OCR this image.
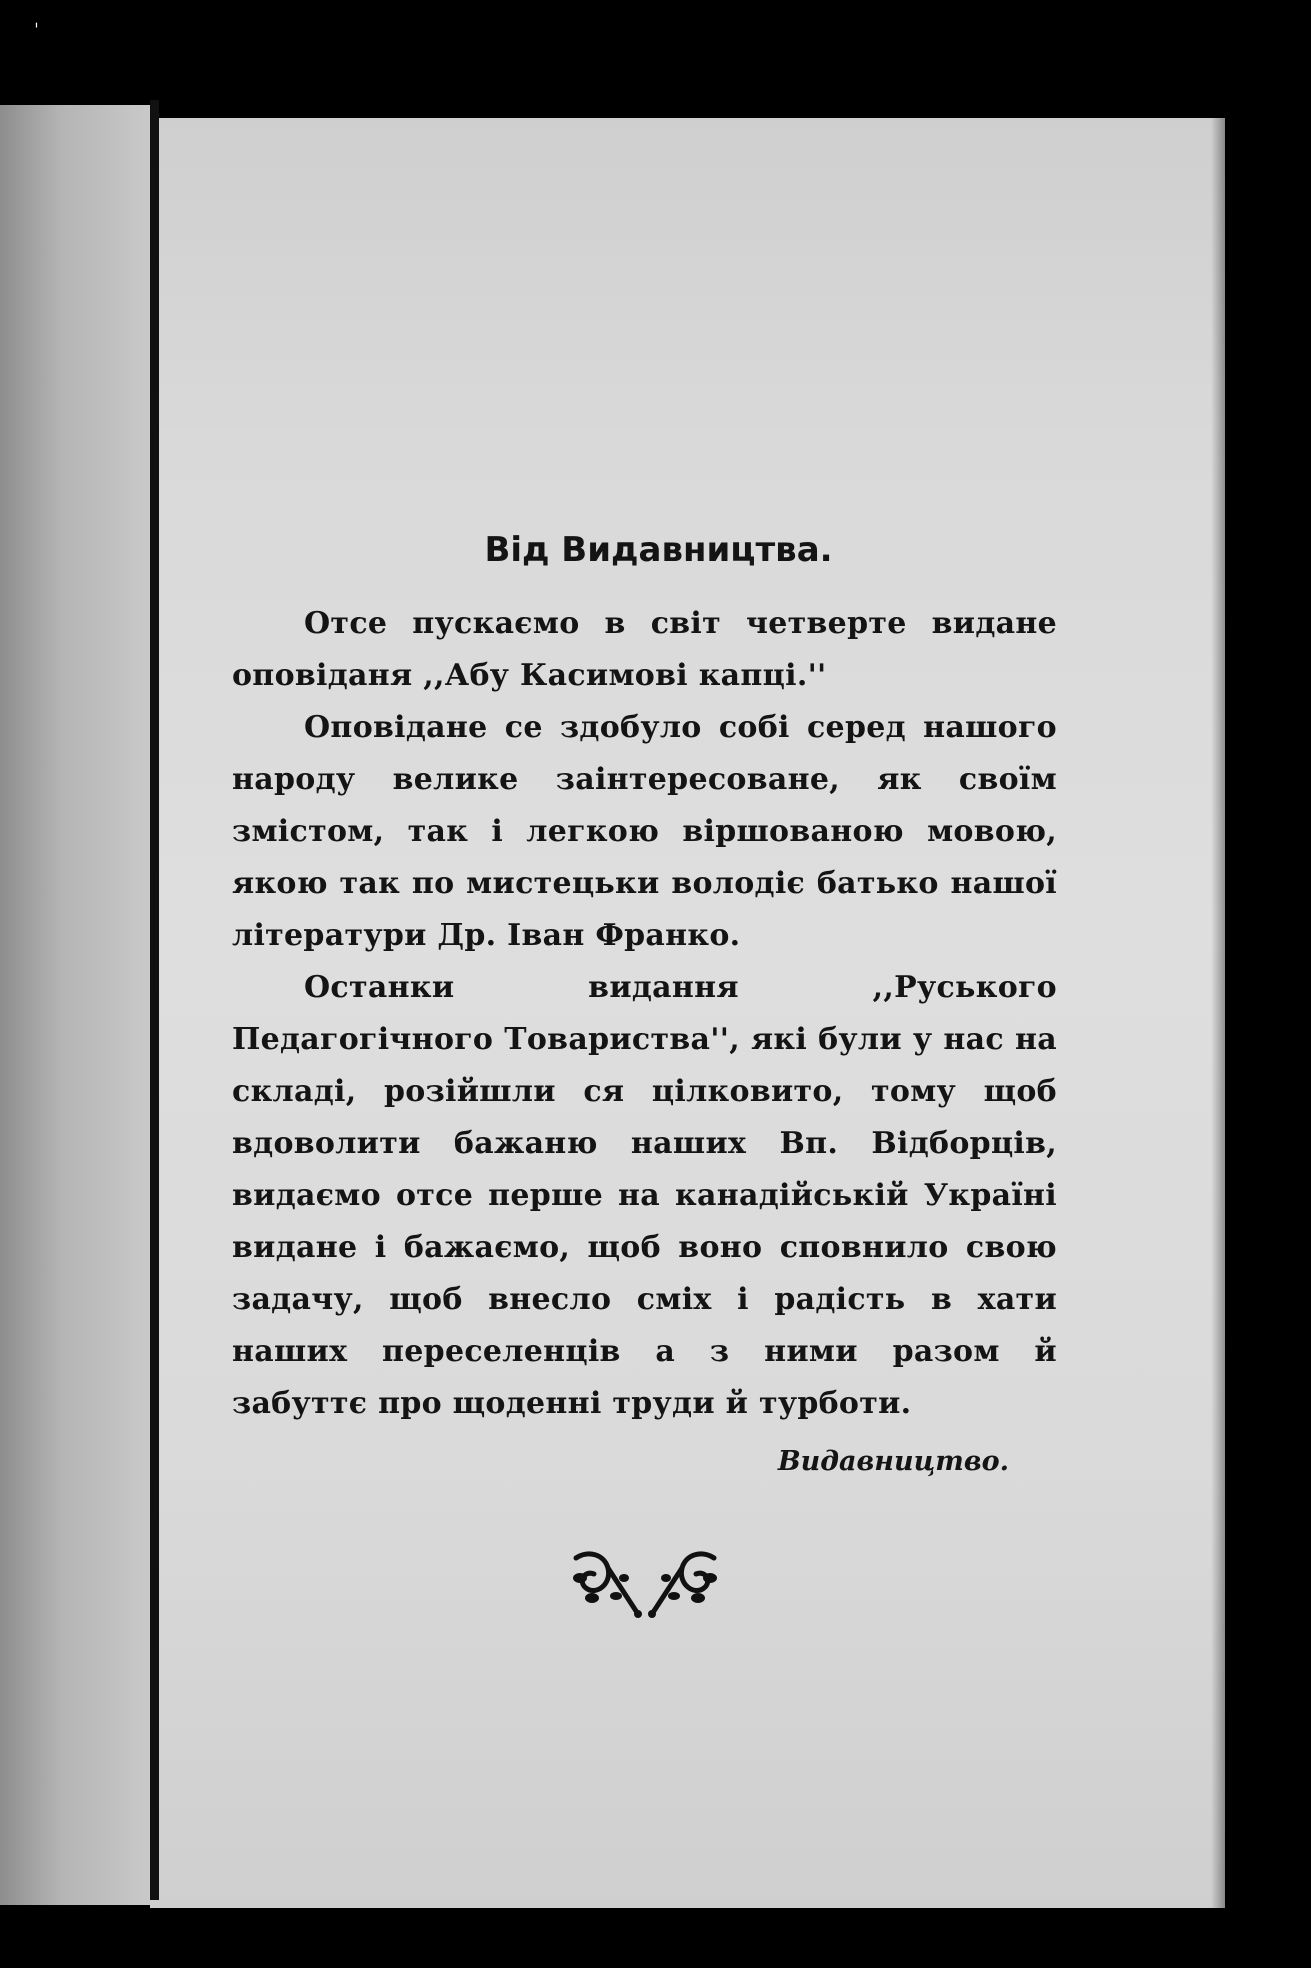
ˈ
Від Видавництва.

Отсе пускаємо в світ четверте видане оповіданя ,,Абу Касимові капці.''

Оповідане се здобуло собі серед нашого народу велике заінтересоване, як своїм змістом, так і легкою віршованою мовою, якою так по мистецьки володіє батько нашої літератури Др. Іван Франко.

Останки видання ,,Руського Педагогічного Товариства'', які були у нас на складі, розійшли ся цілковито, тому щоб вдоволити бажаню наших Вп. Відборців, видаємо отсе перше на канадійській Україні видане і бажаємо, щоб воно сповнило свою задачу, щоб внесло сміх і радість в хати наших переселенців а з ними разом й забуттє про щоденні труди й турботи.

Видавництво.
